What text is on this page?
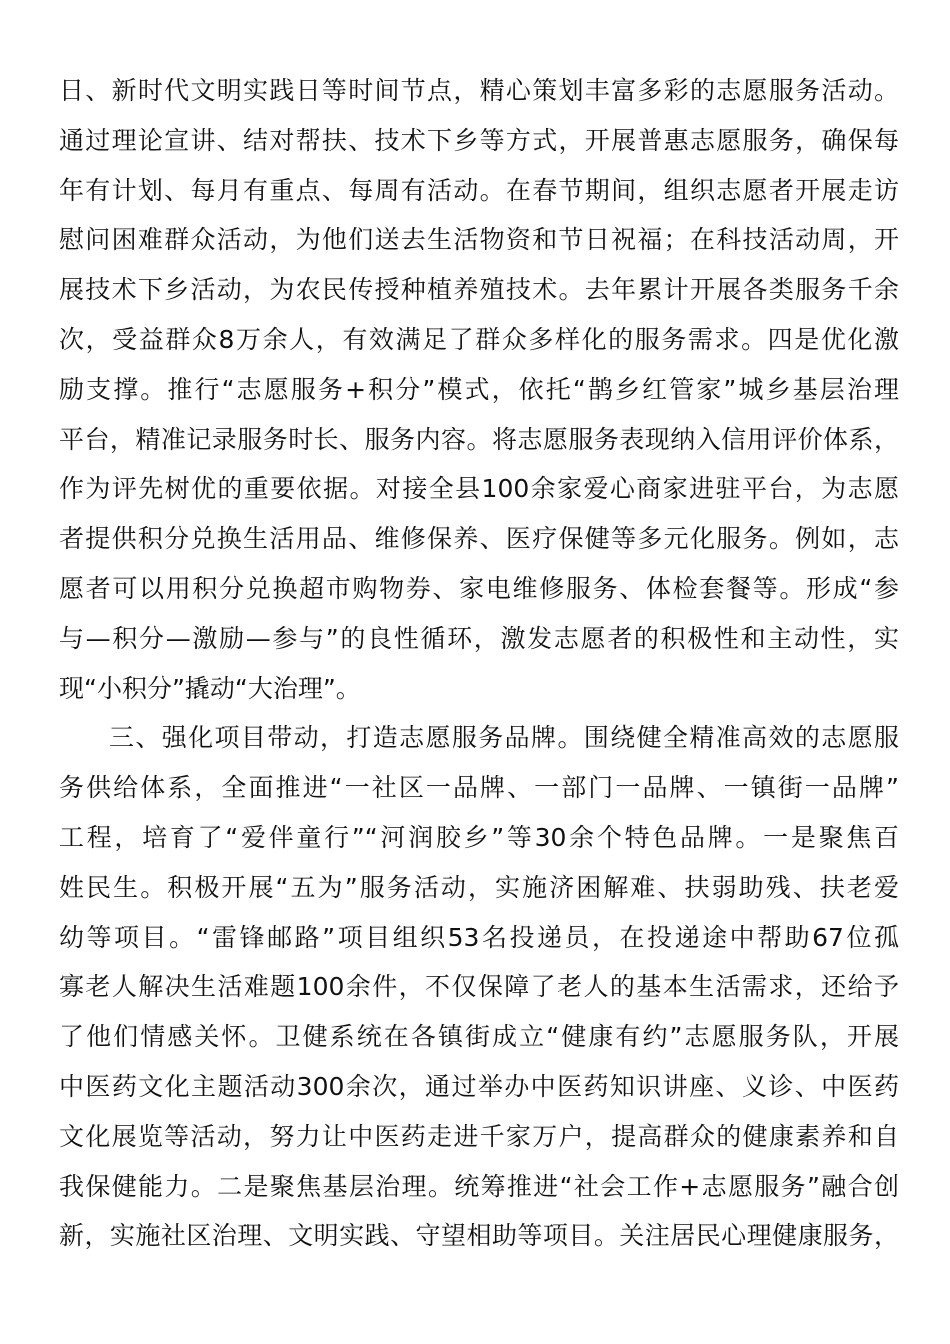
日、新时代文明实践日等时间节点，精心策划丰富多彩的志愿服务活动。
通过理论宣讲、结对帮扶、技术下乡等方式，开展普惠志愿服务，确保每
年有计划、每月有重点、每周有活动。在春节期间，组织志愿者开展走访
慰问困难群众活动，为他们送去生活物资和节日祝福；在科技活动周，开
展技术下乡活动，为农民传授种植养殖技术。去年累计开展各类服务千余
次，受益群众8万余人，有效满足了群众多样化的服务需求。四是优化激
励支撑。推行“志愿服务+积分”模式，依托“鹊乡红管家”城乡基层治理
平台，精准记录服务时长、服务内容。将志愿服务表现纳入信用评价体系，
作为评先树优的重要依据。对接全县100余家爱心商家进驻平台，为志愿
者提供积分兑换生活用品、维修保养、医疗保健等多元化服务。例如，志
愿者可以用积分兑换超市购物券、家电维修服务、体检套餐等。形成“参
与—积分—激励—参与”的良性循环，激发志愿者的积极性和主动性，实
现“小积分”撬动“大治理”。
三、强化项目带动，打造志愿服务品牌。围绕健全精准高效的志愿服
务供给体系，全面推进“一社区一品牌、一部门一品牌、一镇街一品牌”
工程，培育了“爱伴童行”“河润胶乡”等30余个特色品牌。一是聚焦百
姓民生。积极开展“五为”服务活动，实施济困解难、扶弱助残、扶老爱
幼等项目。“雷锋邮路”项目组织53名投递员，在投递途中帮助67位孤
寡老人解决生活难题100余件，不仅保障了老人的基本生活需求，还给予
了他们情感关怀。卫健系统在各镇街成立“健康有约”志愿服务队，开展
中医药文化主题活动300余次，通过举办中医药知识讲座、义诊、中医药
文化展览等活动，努力让中医药走进千家万户，提高群众的健康素养和自
我保健能力。二是聚焦基层治理。统筹推进“社会工作+志愿服务”融合创
新，实施社区治理、文明实践、守望相助等项目。关注居民心理健康服务，
